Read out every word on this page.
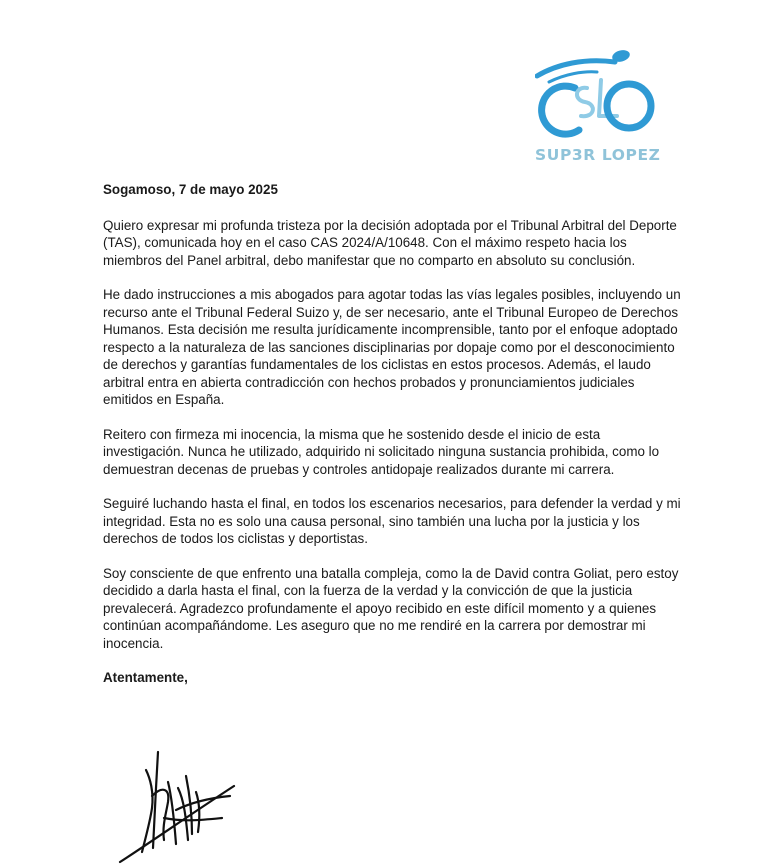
SUP3R LOPEZ

Sogamoso, 7 de mayo 2025

Quiero expresar mi profunda tristeza por la decisión adoptada por el Tribunal Arbitral del Deporte (TAS), comunicada hoy en el caso CAS 2024/A/10648. Con el máximo respeto hacia los miembros del Panel arbitral, debo manifestar que no comparto en absoluto su conclusión.

He dado instrucciones a mis abogados para agotar todas las vías legales posibles, incluyendo un recurso ante el Tribunal Federal Suizo y, de ser necesario, ante el Tribunal Europeo de Derechos Humanos. Esta decisión me resulta jurídicamente incomprensible, tanto por el enfoque adoptado respecto a la naturaleza de las sanciones disciplinarias por dopaje como por el desconocimiento de derechos y garantías fundamentales de los ciclistas en estos procesos. Además, el laudo arbitral entra en abierta contradicción con hechos probados y pronunciamientos judiciales emitidos en España.

Reitero con firmeza mi inocencia, la misma que he sostenido desde el inicio de esta investigación. Nunca he utilizado, adquirido ni solicitado ninguna sustancia prohibida, como lo demuestran decenas de pruebas y controles antidopaje realizados durante mi carrera.

Seguiré luchando hasta el final, en todos los escenarios necesarios, para defender la verdad y mi integridad. Esta no es solo una causa personal, sino también una lucha por la justicia y los derechos de todos los ciclistas y deportistas.

Soy consciente de que enfrento una batalla compleja, como la de David contra Goliat, pero estoy decidido a darla hasta el final, con la fuerza de la verdad y la convicción de que la justicia prevalecerá. Agradezco profundamente el apoyo recibido en este difícil momento y a quienes continúan acompañándome. Les aseguro que no me rendiré en la carrera por demostrar mi inocencia.

Atentamente,
